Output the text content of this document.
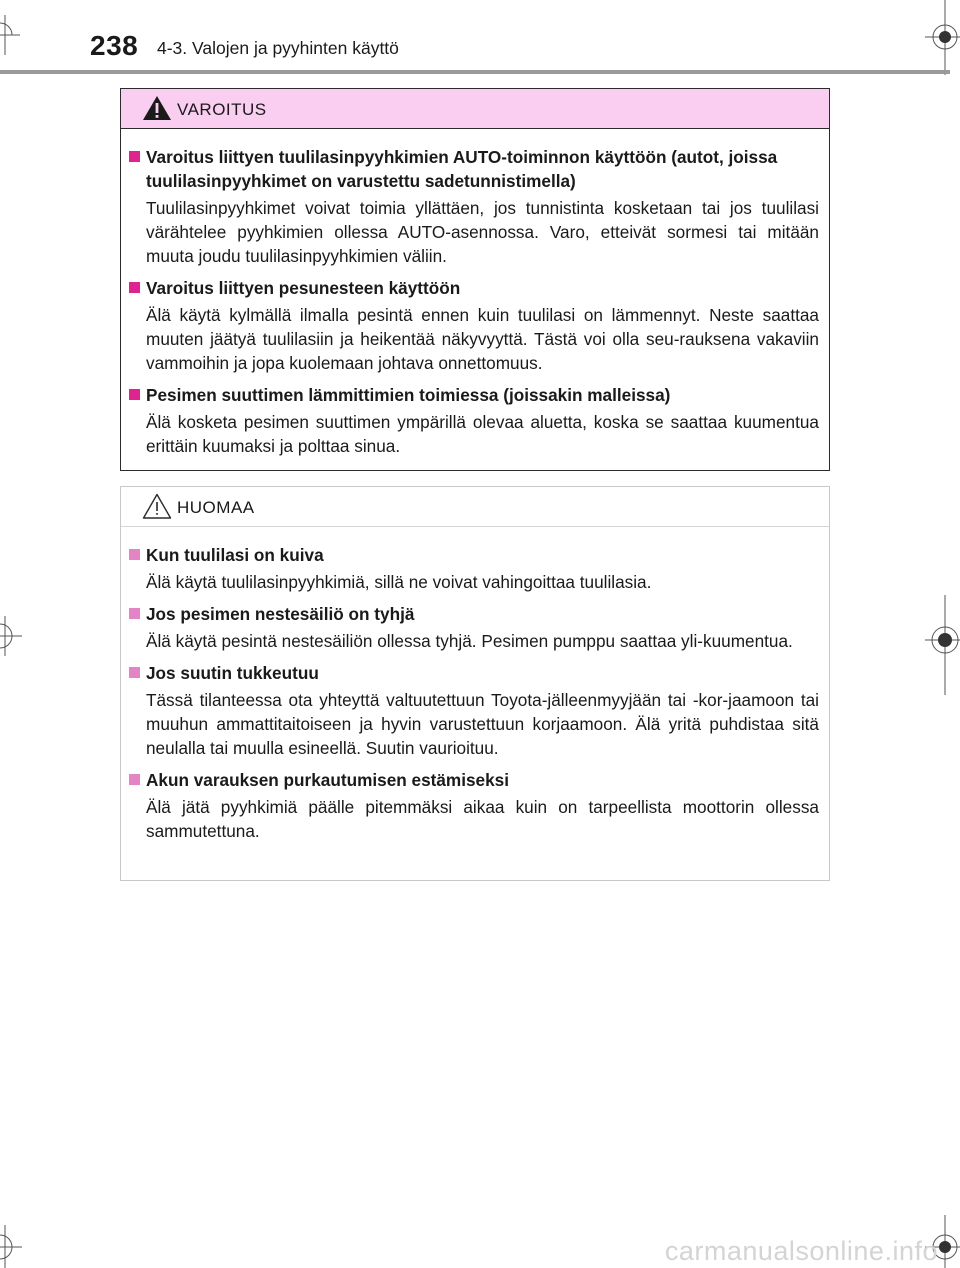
238 4-3. Valojen ja pyyhinten käyttö
VAROITUS
Varoitus liittyen tuulilasinpyyhkimien AUTO-toiminnon käyttöön (autot, joissa tuulilasinpyyhkimet on varustettu sadetunnistimella)
Tuulilasinpyyhkimet voivat toimia yllättäen, jos tunnistinta kosketaan tai jos tuulilasi värähtelee pyyhkimien ollessa AUTO-asennossa. Varo, etteivät sormesi tai mitään muuta joudu tuulilasinpyyhkimien väliin.
Varoitus liittyen pesunesteen käyttöön
Älä käytä kylmällä ilmalla pesintä ennen kuin tuulilasi on lämmennyt. Neste saattaa muuten jäätyä tuulilasiin ja heikentää näkyvyyttä. Tästä voi olla seu-rauksena vakaviin vammoihin ja jopa kuolemaan johtava onnettomuus.
Pesimen suuttimen lämmittimien toimiessa (joissakin malleissa)
Älä kosketa pesimen suuttimen ympärillä olevaa aluetta, koska se saattaa kuumentua erittäin kuumaksi ja polttaa sinua.
HUOMAA
Kun tuulilasi on kuiva
Älä käytä tuulilasinpyyhkimiä, sillä ne voivat vahingoittaa tuulilasia.
Jos pesimen nestesäiliö on tyhjä
Älä käytä pesintä nestesäiliön ollessa tyhjä. Pesimen pumppu saattaa yli-kuumentua.
Jos suutin tukkeutuu
Tässä tilanteessa ota yhteyttä valtuutettuun Toyota-jälleenmyyjään tai -kor-jaamoon tai muuhun ammattitaitoiseen ja hyvin varustettuun korjaamoon. Älä yritä puhdistaa sitä neulalla tai muulla esineellä. Suutin vaurioituu.
Akun varauksen purkautumisen estämiseksi
Älä jätä pyyhkimiä päälle pitemmäksi aikaa kuin on tarpeellista moottorin ollessa sammutettuna.
carmanualsonline.info
